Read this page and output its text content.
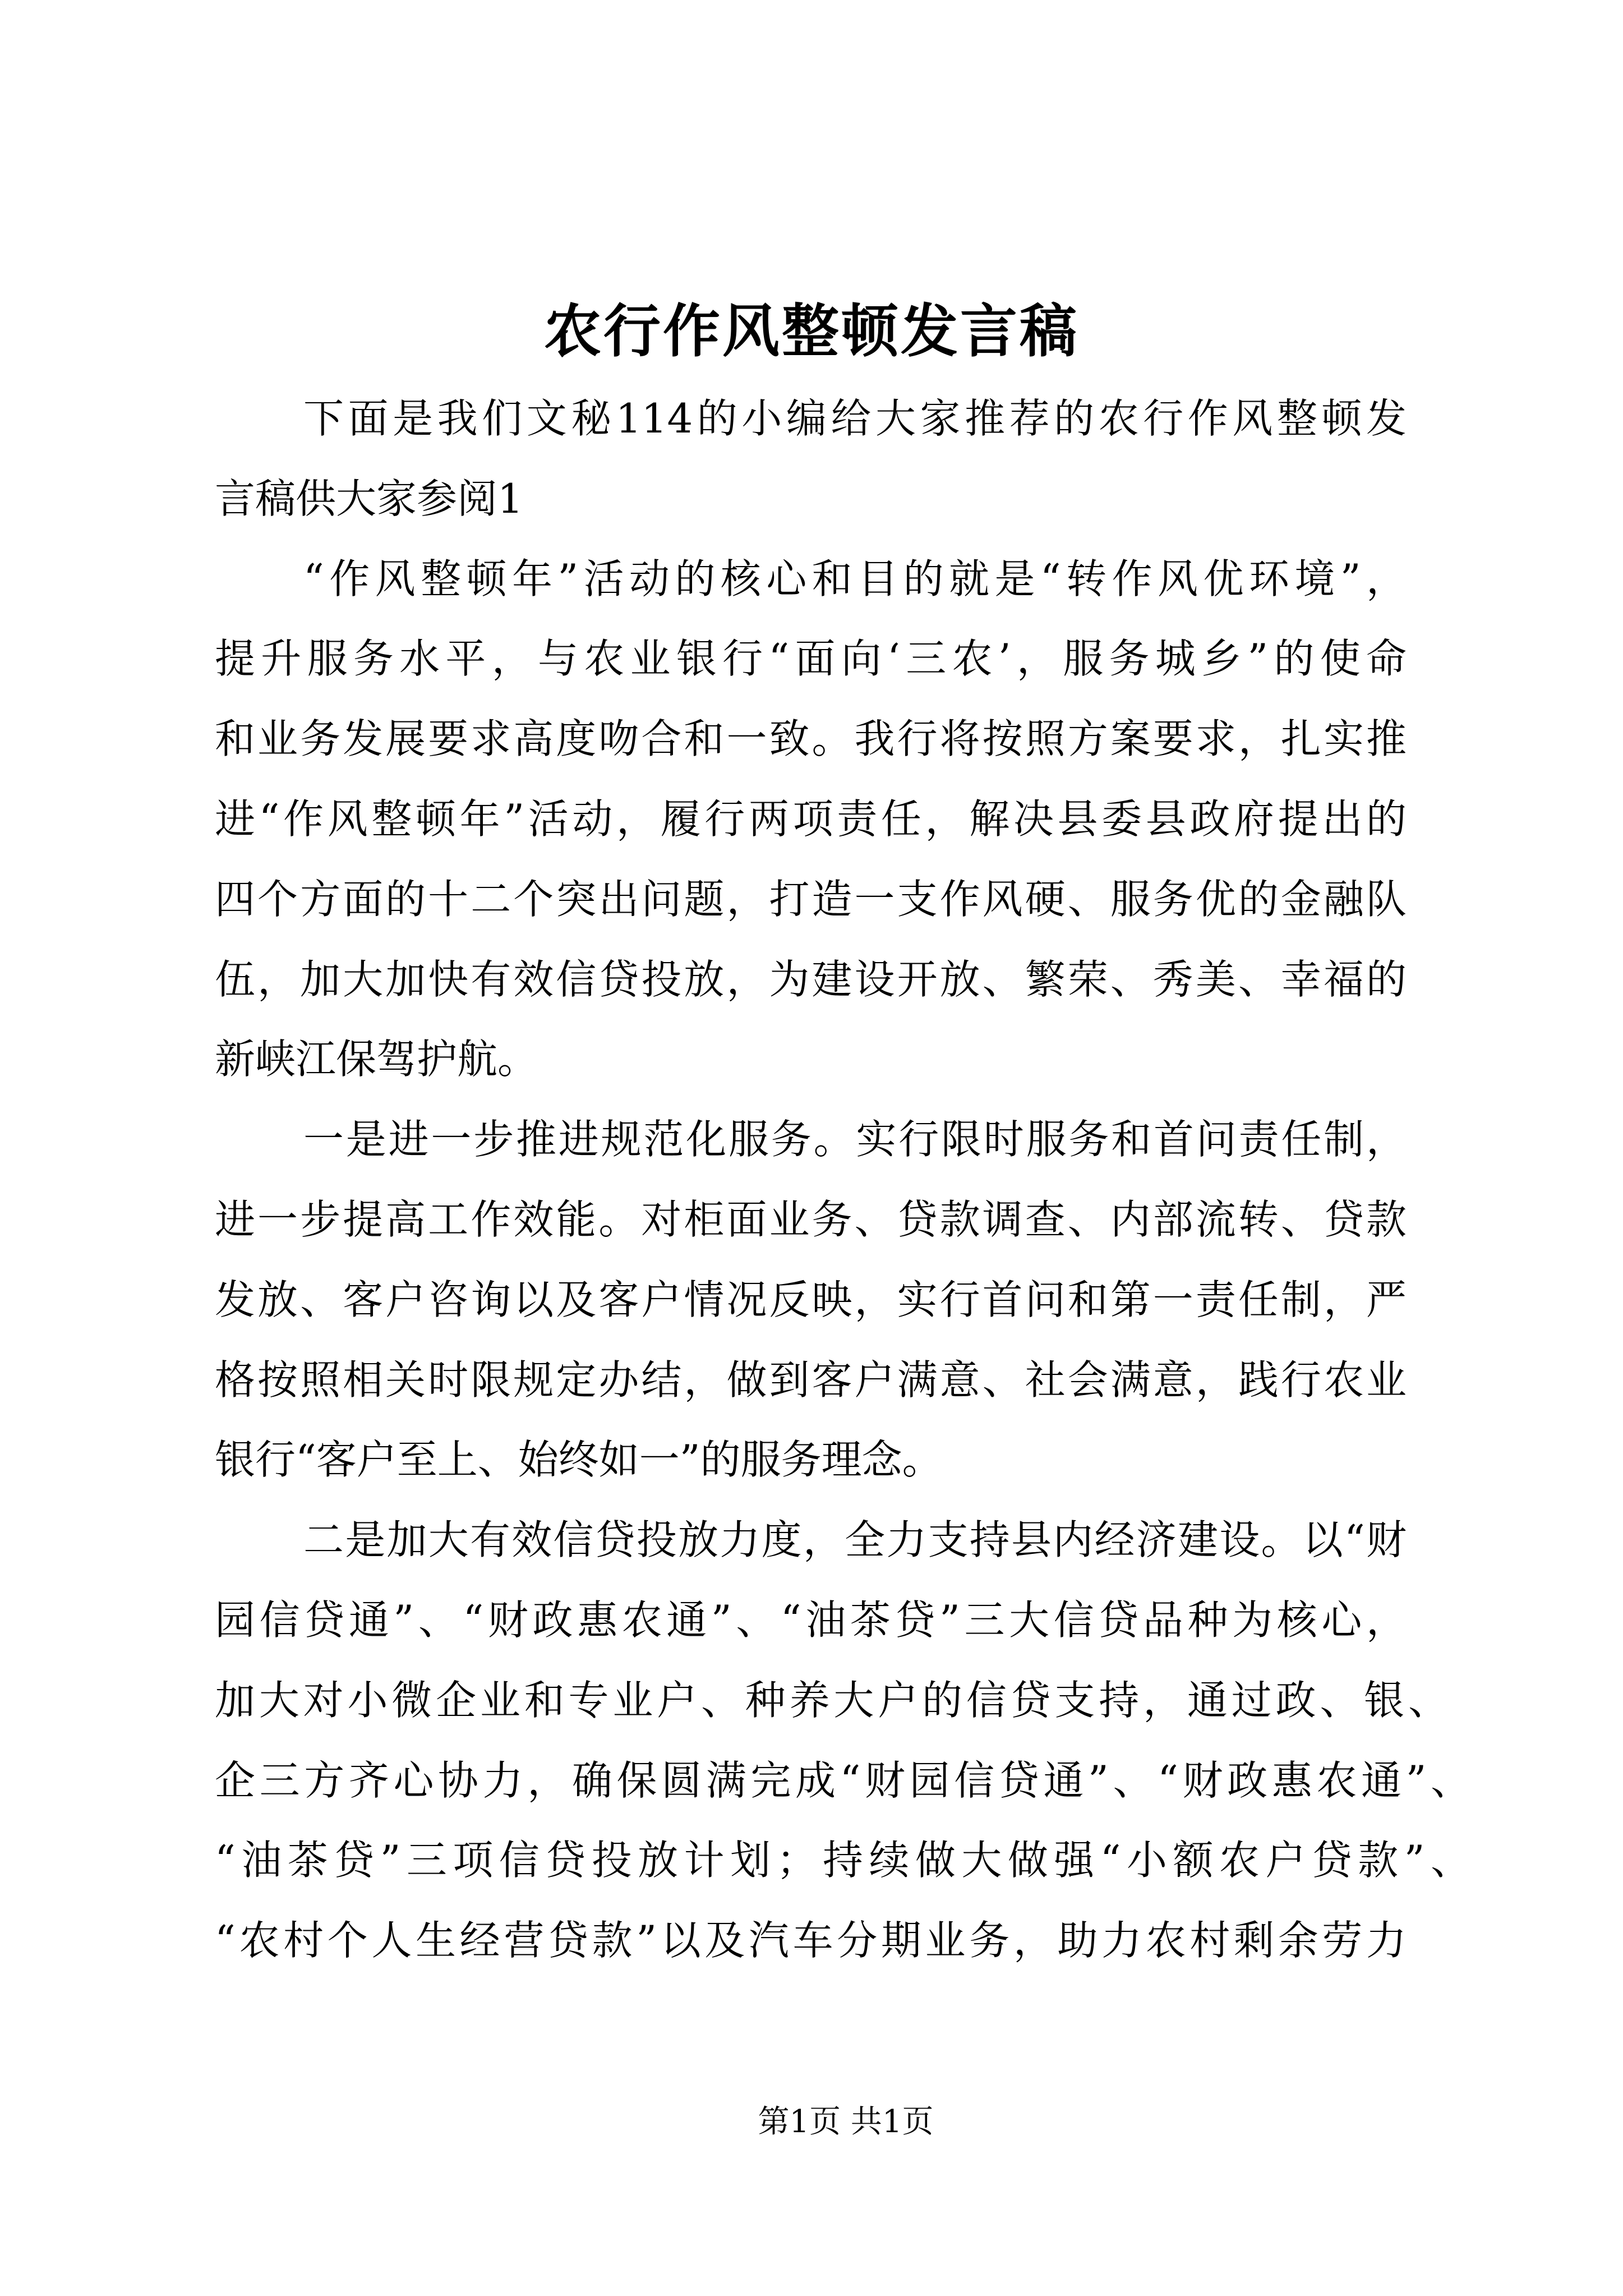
农行作风整顿发言稿
下面是我们文秘114的小编给大家推荐的农行作风整顿发
言稿供大家参阅1
“作风整顿年”活动的核心和目的就是“转作风优环境”，
提升服务水平，与农业银行“面向‘三农’，服务城乡”的使命
和业务发展要求高度吻合和一致。我行将按照方案要求，扎实推
进“作风整顿年”活动，履行两项责任，解决县委县政府提出的
四个方面的十二个突出问题，打造一支作风硬、服务优的金融队
伍，加大加快有效信贷投放，为建设开放、繁荣、秀美、幸福的
新峡江保驾护航。
一是进一步推进规范化服务。实行限时服务和首问责任制，
进一步提高工作效能。对柜面业务、贷款调查、内部流转、贷款
发放、客户咨询以及客户情况反映，实行首问和第一责任制，严
格按照相关时限规定办结，做到客户满意、社会满意，践行农业
银行“客户至上、始终如一”的服务理念。
二是加大有效信贷投放力度，全力支持县内经济建设。以“财
园信贷通”、“财政惠农通”、“油茶贷”三大信贷品种为核心，
加大对小微企业和专业户、种养大户的信贷支持，通过政、银、
企三方齐心协力，确保圆满完成“财园信贷通”、“财政惠农通”、
“油茶贷”三项信贷投放计划；持续做大做强“小额农户贷款”、
“农村个人生经营贷款”以及汽车分期业务，助力农村剩余劳力
第1页 共1页
